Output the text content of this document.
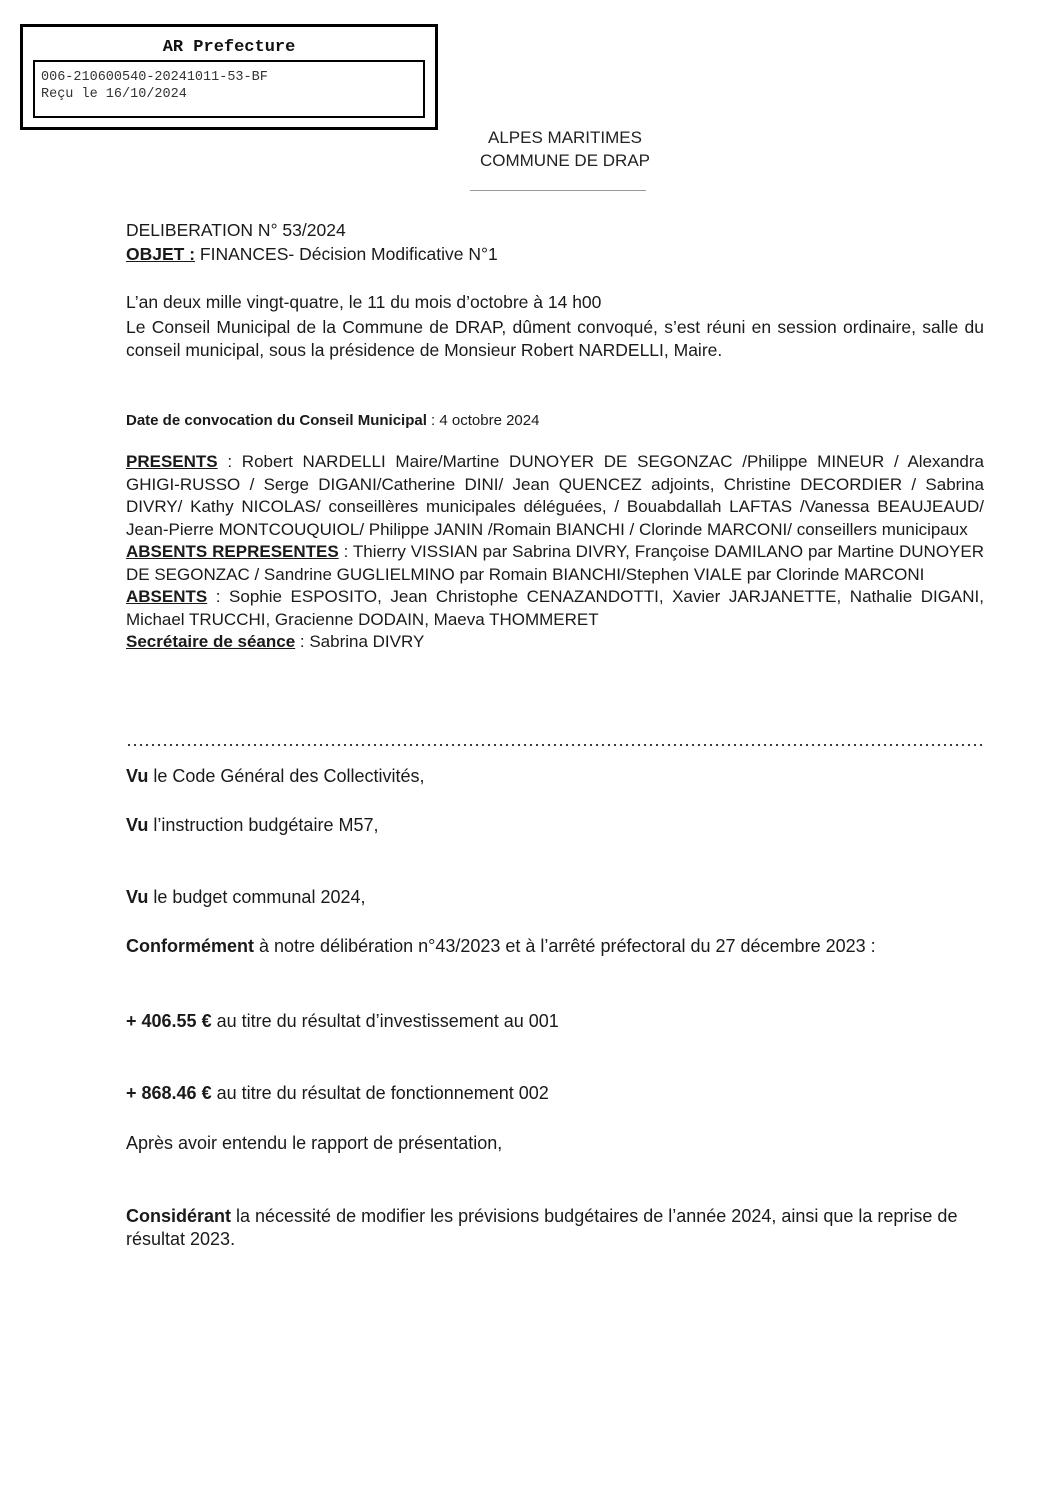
AR Prefecture
006-210600540-20241011-53-BF
Reçu le 16/10/2024
ALPES MARITIMES
COMMUNE DE DRAP
DELIBERATION N° 53/2024
OBJET : FINANCES- Décision Modificative N°1
L’an deux mille vingt-quatre, le 11 du mois d’octobre à 14 h00
Le Conseil Municipal de la Commune de DRAP, dûment convoqué, s’est réuni en session ordinaire, salle du conseil municipal, sous la présidence de Monsieur Robert NARDELLI, Maire.
Date de convocation du Conseil Municipal : 4 octobre 2024
PRESENTS : Robert NARDELLI Maire/Martine DUNOYER DE SEGONZAC /Philippe MINEUR / Alexandra GHIGI-RUSSO / Serge DIGANI/Catherine DINI/ Jean QUENCEZ adjoints, Christine DECORDIER / Sabrina DIVRY/ Kathy NICOLAS/ conseillères municipales déléguées, / Bouabdallah LAFTAS /Vanessa BEAUJEAUD/ Jean-Pierre MONTCOUQUIOL/ Philippe JANIN /Romain BIANCHI / Clorinde MARCONI/ conseillers municipaux
ABSENTS REPRESENTES : Thierry VISSIAN par Sabrina DIVRY, Françoise DAMILANO par Martine DUNOYER DE SEGONZAC / Sandrine GUGLIELMINO par Romain BIANCHI/Stephen VIALE par Clorinde MARCONI
ABSENTS : Sophie ESPOSITO, Jean Christophe CENAZANDOTTI, Xavier JARJANETTE, Nathalie DIGANI, Michael TRUCCHI, Gracienne DODAIN, Maeva THOMMERET
Secrétaire de séance : Sabrina DIVRY
Vu le Code Général des Collectivités,
Vu l’instruction budgétaire M57,
Vu le budget communal 2024,
Conformément à notre délibération n°43/2023 et à l’arrêté préfectoral du 27 décembre 2023 :
+ 406.55 € au titre du résultat d’investissement au 001
+ 868.46 € au titre du résultat de fonctionnement 002
Après avoir entendu le rapport de présentation,
Considérant la nécessité de modifier les prévisions budgétaires de l’année 2024, ainsi que la reprise de résultat 2023.
